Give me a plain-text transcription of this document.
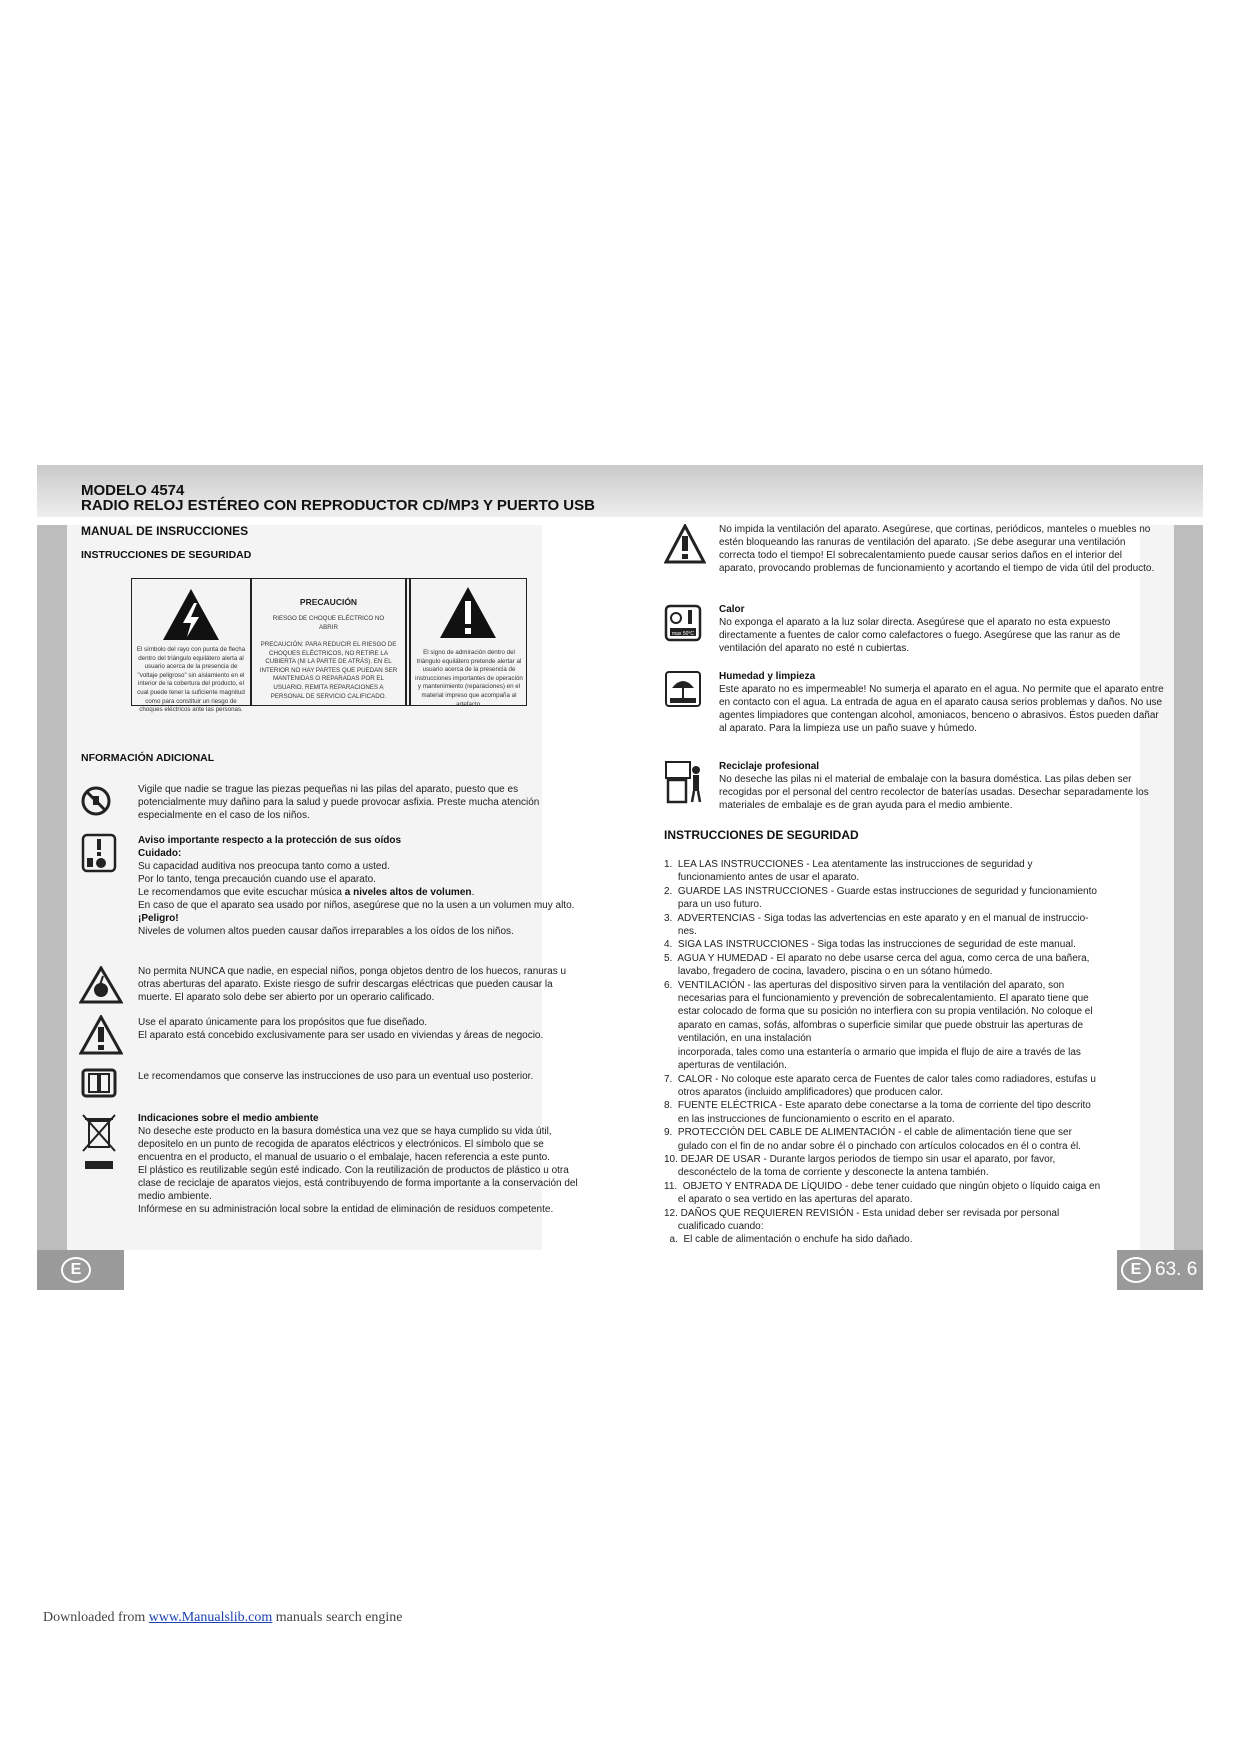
MODELO 4574
RADIO RELOJ ESTÉREO CON REPRODUCTOR CD/MP3 Y PUERTO USB
MANUAL DE INSRUCCIONES
INSTRUCCIONES DE SEGURIDAD
El símbolo del rayo con punta de flecha dentro del triángulo equilátero alerta al usuario acerca de la presencia de "voltaje peligroso" sin aislamiento en el interior de la cobertura del producto, el cual puede tener la suficiente magnitud como para constituir un riesgo de choques eléctricos ante las personas.
PRECAUCIÓN
RIESGO DE CHOQUE ELÉCTRICO NO ABRIR
PRECAUCIÓN: PARA REDUCIR EL RIESGO DE CHOQUES ELÉCTRICOS, NO RETIRE LA CUBIERTA (NI LA PARTE DE ATRÁS). EN EL INTERIOR NO HAY PARTES QUE PUEDAN SER MANTENIDAS O REPARADAS POR EL USUARIO. REMITA REPARACIONES A PERSONAL DE SERVICIO CALIFICADO.
El signo de admiración dentro del triángulo equilátero pretende alertar al usuario acerca de la presencia de instrucciones importantes de operación y mantenimiento (reparaciones) en el material impreso que acompaña al artefacto.
NFORMACIÓN ADICIONAL
Vigile que nadie se trague las piezas pequeñas ni las pilas del aparato, puesto que es potencialmente muy dañino para la salud y puede provocar asfixia. Preste mucha atención especialmente en el caso de los niños.
Aviso importante respecto a la protección de sus oídos
Cuidado:
Su capacidad auditiva nos preocupa tanto como a usted.
Por lo tanto, tenga precaución cuando use el aparato.
Le recomendamos que evite escuchar música a niveles altos de volumen.
En caso de que el aparato sea usado por niños, asegúrese que no la usen a un volumen muy alto.
¡Peligro!
Niveles de volumen altos pueden causar daños irreparables a los oídos de los niños.
No permita NUNCA que nadie, en especial niños, ponga objetos dentro de los huecos, ranuras u otras aberturas del aparato. Existe riesgo de sufrir descargas eléctricas que pueden causar la muerte. El aparato solo debe ser abierto por un operario calificado.
Use el aparato únicamente para los propósitos que fue diseñado.
El aparato está concebido exclusivamente para ser usado en viviendas y áreas de negocio.
Le recomendamos que conserve las instrucciones de uso para un eventual uso posterior.
Indicaciones sobre el medio ambiente
No deseche este producto en la basura doméstica una vez que se haya cumplido su vida útil, depositelo en un punto de recogida de aparatos eléctricos y electrónicos. El símbolo que se encuentra en el producto, el manual de usuario o el embalaje, hacen referencia a este punto.
El plástico es reutilizable según esté indicado. Con la reutilización de productos de plástico u otra clase de reciclaje de aparatos viejos, está contribuyendo de forma importante a la conservación del medio ambiente.
Infórmese en su administración local sobre la entidad de eliminación de residuos competente.
E
No impida la ventilación del aparato. Asegúrese, que cortinas, periódicos, manteles o muebles no estén bloqueando las ranuras de ventilación del aparato. ¡Se debe asegurar una ventilación correcta todo el tiempo! El sobrecalentamiento puede causar serios daños en el interior del aparato, provocando problemas de funcionamiento y acortando el tiempo de vida útil del producto.
max 50°C
Calor
No exponga el aparato a la luz solar directa. Asegúrese que el aparato no esta expuesto directamente a fuentes de calor como calefactores o fuego. Asegúrese que las ranur as de ventilación del aparato no esté n cubiertas.
Humedad y limpieza
Este aparato no es impermeable! No sumerja el aparato en el agua. No permite que el aparato entre en contacto con el agua. La entrada de agua en el aparato causa serios problemas y daños. No use agentes limpiadores que contengan alcohol, amoniacos, benceno o abrasivos. Éstos pueden dañar al aparato. Para la limpieza use un paño suave y húmedo.
Reciclaje profesional
No deseche las pilas ni el material de embalaje con la basura doméstica. Las pilas deben ser recogidas por el personal del centro recolector de baterías usadas. Desechar separadamente los materiales de embalaje es de gran ayuda para el medio ambiente.
INSTRUCCIONES DE SEGURIDAD
1.  LEA LAS INSTRUCCIONES - Lea atentamente las instrucciones de seguridad y
funcionamiento antes de usar el aparato.
2.  GUARDE LAS INSTRUCCIONES - Guarde estas instrucciones de seguridad y funcionamiento
para un uso futuro.
3.  ADVERTENCIAS - Siga todas las advertencias en este aparato y en el manual de instruccio-
nes.
4.  SIGA LAS INSTRUCCIONES - Siga todas las instrucciones de seguridad de este manual.
5.  AGUA Y HUMEDAD - El aparato no debe usarse cerca del agua, como cerca de una bañera,
lavabo, fregadero de cocina, lavadero, piscina o en un sótano húmedo.
6.  VENTILACIÓN - las aperturas del dispositivo sirven para la ventilación del aparato, son
necesarias para el funcionamiento y prevención de sobrecalentamiento. El aparato tiene que
estar colocado de forma que su posición no interfiera con su propia ventilación. No coloque el
aparato en camas, sofás, alfombras o superficie similar que puede obstruir las aperturas de
ventilación, en una instalación
incorporada, tales como una estantería o armario que impida el flujo de aire a través de las
aperturas de ventilación.
7.  CALOR - No coloque este aparato cerca de Fuentes de calor tales como radiadores, estufas u
otros aparatos (incluido amplificadores) que producen calor.
8.  FUENTE ELÉCTRICA - Este aparato debe conectarse a la toma de corriente del tipo descrito
en las instrucciones de funcionamiento o escrito en el aparato.
9.  PROTECCIÓN DEL CABLE DE ALIMENTACIÓN - el cable de alimentación tiene que ser
gulado con el fin de no andar sobre él o pinchado con artículos colocados en él o contra él.
10. DEJAR DE USAR - Durante largos periodos de tiempo sin usar el aparato, por favor,
desconéctelo de la toma de corriente y desconecte la antena también.
11.  OBJETO Y ENTRADA DE LÍQUIDO - debe tener cuidado que ningún objeto o líquido caiga en
el aparato o sea vertido en las aperturas del aparato.
12. DAÑOS QUE REQUIEREN REVISIÓN - Esta unidad deber ser revisada por personal
cualificado cuando:
a.  El cable de alimentación o enchufe ha sido dañado.
E 63. 6
Downloaded from www.Manualslib.com manuals search engine
